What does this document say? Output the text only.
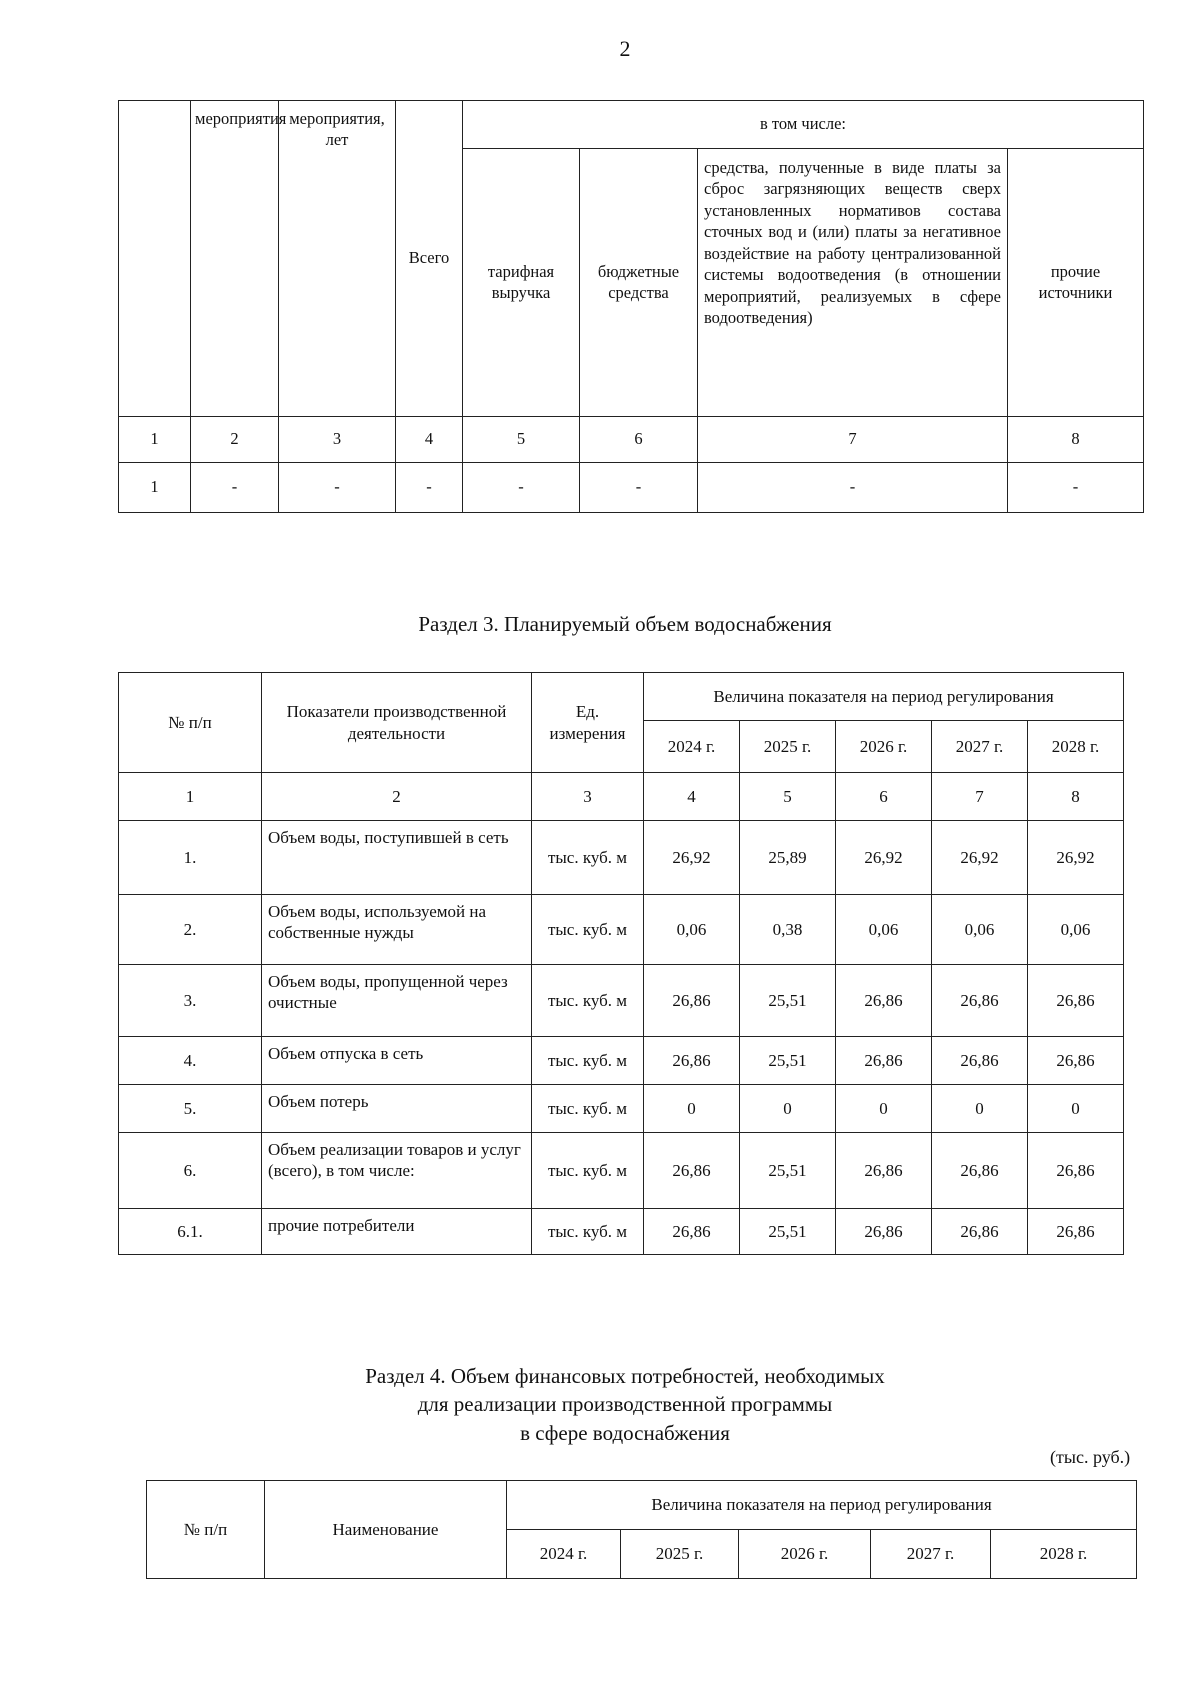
2
	мероприятия	мероприятия, лет	Всего	в том числе:			
				тарифная выручка	бюджетные средства	средства, полученные в виде платы за сброс загрязняющих веществ сверх установленных нормативов состава сточных вод и (или) платы за негативное воздействие на работу централизованной системы водоотведения (в отношении мероприятий, реализуемых в сфере водоотведения)	прочие источники
1	2	3	4	5	6	7	8
1	-	-	-	-	-	-	-
Раздел 3. Планируемый объем водоснабжения
№ п/п	Показатели производственной деятельности	Ед. измерения	Величина показателя на период регулирования				
			2024 г.	2025 г.	2026 г.	2027 г.	2028 г.
1	2	3	4	5	6	7	8
1.	Объем воды, поступившей в сеть	тыс. куб. м	26,92	25,89	26,92	26,92	26,92
2.	Объем воды, используемой на собственные нужды	тыс. куб. м	0,06	0,38	0,06	0,06	0,06
3.	Объем воды, пропущенной через очистные	тыс. куб. м	26,86	25,51	26,86	26,86	26,86
4.	Объем отпуска в сеть	тыс. куб. м	26,86	25,51	26,86	26,86	26,86
5.	Объем потерь	тыс. куб. м	0	0	0	0	0
6.	Объем реализации товаров и услуг (всего), в том числе:	тыс. куб. м	26,86	25,51	26,86	26,86	26,86
6.1.	прочие потребители	тыс. куб. м	26,86	25,51	26,86	26,86	26,86
Раздел 4. Объем финансовых потребностей, необходимых
для реализации производственной программы
в сфере водоснабжения
(тыс. руб.)
№ п/п	Наименование	Величина показателя на период регулирования				
		2024 г.	2025 г.	2026 г.	2027 г.	2028 г.
